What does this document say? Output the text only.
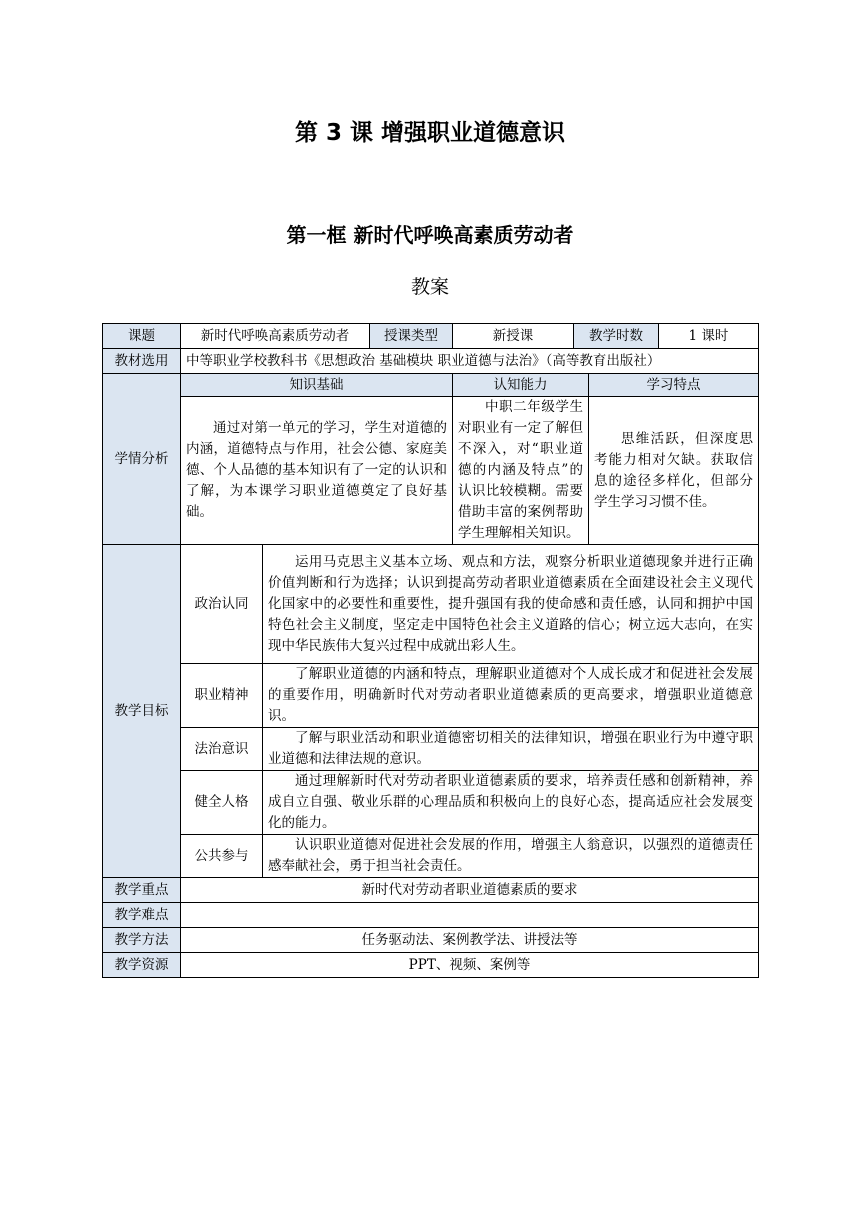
第 3 课 增强职业道德意识
第一框 新时代呼唤高素质劳动者
教案
课题	新时代呼唤高素质劳动者		授课类型	新授课	教学时数		1 课时
教材选用	中等职业学校教科书《思想政治 基础模块 职业道德与法治》（高等教育出版社）						
学情分析	知识基础			认知能力		学习特点	

	通过对第一单元的学习，学生对道德的内涵，道德特点与作用，社会公德、家庭美德、个人品德的基本知识有了一定的认识和了解，为本课学习职业道德奠定了良好基础。			中职二年级学生对职业有一定了解但不深入，对“职业道德的内涵及特点”的认识比较模糊。需要借助丰富的案例帮助学生理解相关知识。		思维活跃，但深度思考能力相对欠缺。获取信息的途径多样化，但部分学生学习习惯不佳。	

教学目标	政治认同	运用马克思主义基本立场、观点和方法，观察分析职业道德现象并进行正确价值判断和行为选择；认识到提高劳动者职业道德素质在全面建设社会主义现代化国家中的必要性和重要性，提升强国有我的使命感和责任感，认同和拥护中国特色社会主义制度，坚定走中国特色社会主义道路的信心；树立远大志向，在实现中华民族伟大复兴过程中成就出彩人生。					

	职业精神	了解职业道德的内涵和特点，理解职业道德对个人成长成才和促进社会发展的重要作用，明确新时代对劳动者职业道德素质的更高要求，增强职业道德意识。					

	法治意识	了解与职业活动和职业道德密切相关的法律知识，增强在职业行为中遵守职业道德和法律法规的意识。					

	健全人格	通过理解新时代对劳动者职业道德素质的要求，培养责任感和创新精神，养成自立自强、敬业乐群的心理品质和积极向上的良好心态，提高适应社会发展变化的能力。					

	公共参与	认识职业道德对促进社会发展的作用，增强主人翁意识，以强烈的道德责任感奉献社会，勇于担当社会责任。					

教学重点	新时代对劳动者职业道德素质的要求						
教学难点							
教学方法	任务驱动法、案例教学法、讲授法等						
教学资源	PPT、视频、案例等						
